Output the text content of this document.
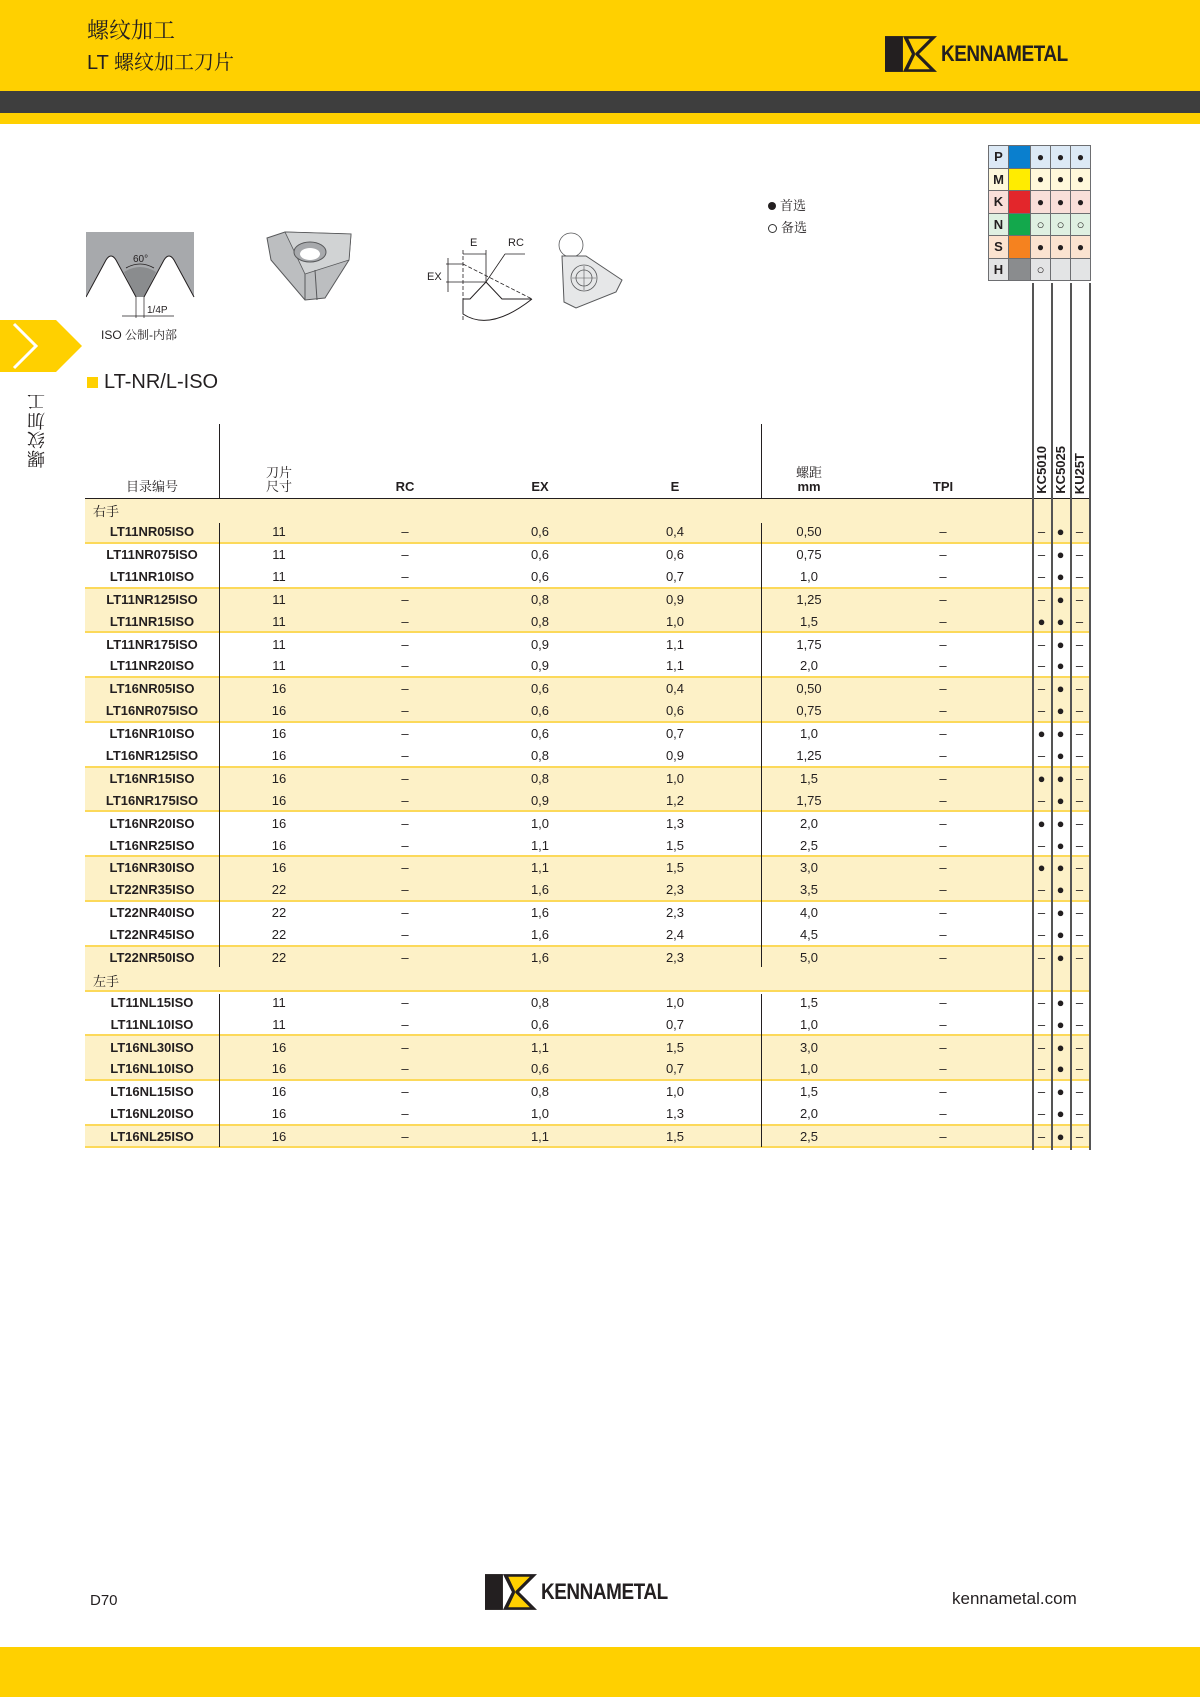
螺纹加工
LT 螺纹加工刀片	KENNAMETAL
螺纹加工
60°
1/4P
ISO 公制-内部
E	RC
EX
首选
备选
P		●	●	●
M		●	●	●
K		●	●	●
N		○	○	○
S		●	●	●
H		○		
LT-NR/L-ISO
目录编号
刀片
尺寸	RC	EX	E
螺距
mm	TPI	KC5010 KC5025 KU25T
右手
LT11NR05ISO	11	–	0,6	0,4	0,50	–	– ● –
LT11NR075ISO	11	–	0,6	0,6	0,75	–	– ● –
LT11NR10ISO	11	–	0,6	0,7	1,0	–	– ● –
LT11NR125ISO	11	–	0,8	0,9	1,25	–	– ● –
LT11NR15ISO	11	–	0,8	1,0	1,5	–	● ● –
LT11NR175ISO	11	–	0,9	1,1	1,75	–	– ● –
LT11NR20ISO	11	–	0,9	1,1	2,0	–	– ● –
LT16NR05ISO	16	–	0,6	0,4	0,50	–	– ● –
LT16NR075ISO	16	–	0,6	0,6	0,75	–	– ● –
LT16NR10ISO	16	–	0,6	0,7	1,0	–	● ● –
LT16NR125ISO	16	–	0,8	0,9	1,25	–	– ● –
LT16NR15ISO	16	–	0,8	1,0	1,5	–	● ● –
LT16NR175ISO	16	–	0,9	1,2	1,75	–	– ● –
LT16NR20ISO	16	–	1,0	1,3	2,0	–	● ● –
LT16NR25ISO	16	–	1,1	1,5	2,5	–	– ● –
LT16NR30ISO	16	–	1,1	1,5	3,0	–	● ● –
LT22NR35ISO	22	–	1,6	2,3	3,5	–	– ● –
LT22NR40ISO	22	–	1,6	2,3	4,0	–	– ● –
LT22NR45ISO	22	–	1,6	2,4	4,5	–	– ● –
LT22NR50ISO	22	–	1,6	2,3	5,0	–	– ● –
左手
LT11NL15ISO	11	–	0,8	1,0	1,5	–	– ● –
LT11NL10ISO	11	–	0,6	0,7	1,0	–	– ● –
LT16NL30ISO	16	–	1,1	1,5	3,0	–	– ● –
LT16NL10ISO	16	–	0,6	0,7	1,0	–	– ● –
LT16NL15ISO	16	–	0,8	1,0	1,5	–	– ● –
LT16NL20ISO	16	–	1,0	1,3	2,0	–	– ● –
LT16NL25ISO	16	–	1,1	1,5	2,5	–	– ● –
D70	KENNAMETAL	kennametal.com
